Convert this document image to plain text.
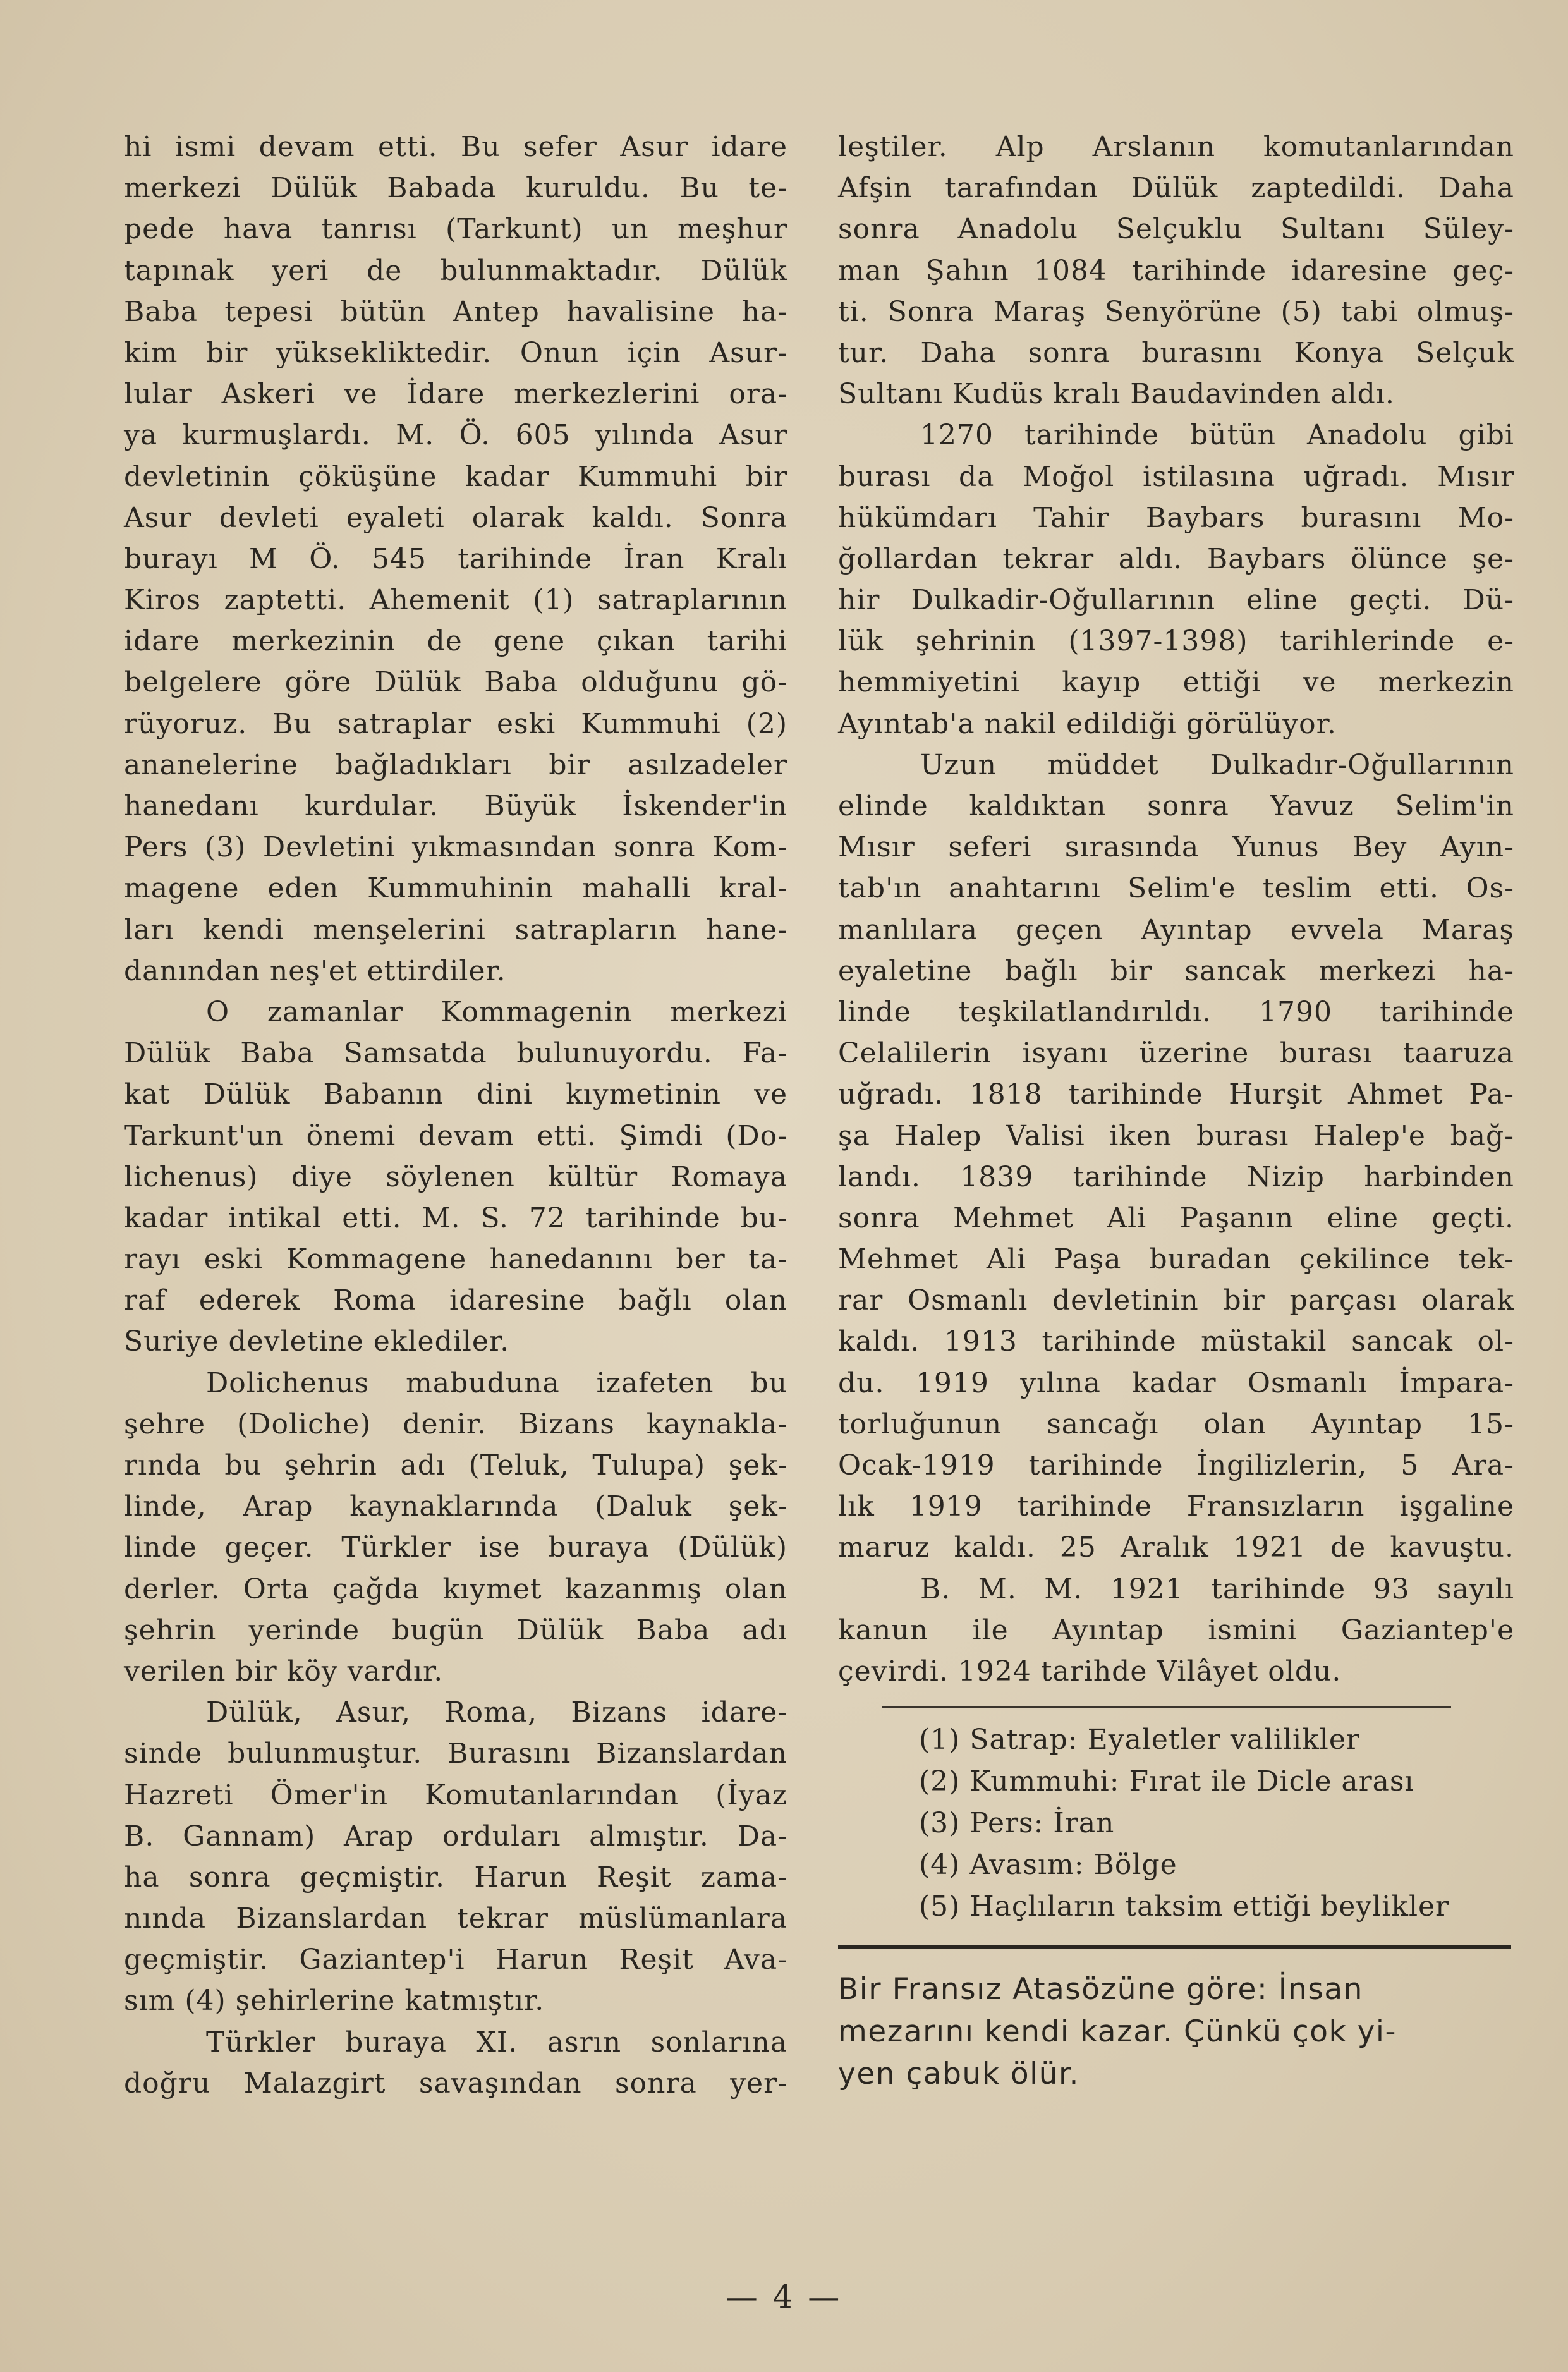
hi ismi devam etti. Bu sefer Asur idare
merkezi Dülük Babada kuruldu. Bu te-
pede hava tanrısı (Tarkunt) un meşhur
tapınak yeri de bulunmaktadır. Dülük
Baba tepesi bütün Antep havalisine ha-
kim bir yüksekliktedir. Onun için Asur-
lular Askeri ve İdare merkezlerini ora-
ya kurmuşlardı. M. Ö. 605 yılında Asur
devletinin çöküşüne kadar Kummuhi bir
Asur devleti eyaleti olarak kaldı. Sonra
burayı M Ö. 545 tarihinde İran Kralı
Kiros zaptetti. Ahemenit (1) satraplarının
idare merkezinin de gene çıkan tarihi
belgelere göre Dülük Baba olduğunu gö-
rüyoruz. Bu satraplar eski Kummuhi (2)
ananelerine bağladıkları bir asılzadeler
hanedanı kurdular. Büyük İskender'in
Pers (3) Devletini yıkmasından sonra Kom-
magene eden Kummuhinin mahalli kral-
ları kendi menşelerini satrapların hane-
danından neş'et ettirdiler.
O zamanlar Kommagenin merkezi
Dülük Baba Samsatda bulunuyordu. Fa-
kat Dülük Babanın dini kıymetinin ve
Tarkunt'un önemi devam etti. Şimdi (Do-
lichenus) diye söylenen kültür Romaya
kadar intikal etti. M. S. 72 tarihinde bu-
rayı eski Kommagene hanedanını ber ta-
raf ederek Roma idaresine bağlı olan
Suriye devletine eklediler.
Dolichenus mabuduna izafeten bu
şehre (Doliche) denir. Bizans kaynakla-
rında bu şehrin adı (Teluk, Tulupa) şek-
linde, Arap kaynaklarında (Daluk şek-
linde geçer. Türkler ise buraya (Dülük)
derler. Orta çağda kıymet kazanmış olan
şehrin yerinde bugün Dülük Baba adı
verilen bir köy vardır.
Dülük, Asur, Roma, Bizans idare-
sinde bulunmuştur. Burasını Bizanslardan
Hazreti Ömer'in Komutanlarından (İyaz
B. Gannam) Arap orduları almıştır. Da-
ha sonra geçmiştir. Harun Reşit zama-
nında Bizanslardan tekrar müslümanlara
geçmiştir. Gaziantep'i Harun Reşit Ava-
sım (4) şehirlerine katmıştır.
Türkler buraya XI. asrın sonlarına
doğru Malazgirt savaşından sonra yer-
leştiler. Alp Arslanın komutanlarından
Afşin tarafından Dülük zaptedildi. Daha
sonra Anadolu Selçuklu Sultanı Süley-
man Şahın 1084 tarihinde idaresine geç-
ti. Sonra Maraş Senyörüne (5) tabi olmuş-
tur. Daha sonra burasını Konya Selçuk
Sultanı Kudüs kralı Baudavinden aldı.
1270 tarihinde bütün Anadolu gibi
burası da Moğol istilasına uğradı. Mısır
hükümdarı Tahir Baybars burasını Mo-
ğollardan tekrar aldı. Baybars ölünce şe-
hir Dulkadir-Oğullarının eline geçti. Dü-
lük şehrinin (1397-1398) tarihlerinde e-
hemmiyetini kayıp ettiği ve merkezin
Ayıntab'a nakil edildiği görülüyor.
Uzun müddet Dulkadır-Oğullarının
elinde kaldıktan sonra Yavuz Selim'in
Mısır seferi sırasında Yunus Bey Ayın-
tab'ın anahtarını Selim'e teslim etti. Os-
manlılara geçen Ayıntap evvela Maraş
eyaletine bağlı bir sancak merkezi ha-
linde teşkilatlandırıldı. 1790 tarihinde
Celalilerin isyanı üzerine burası taaruza
uğradı. 1818 tarihinde Hurşit Ahmet Pa-
şa Halep Valisi iken burası Halep'e bağ-
landı. 1839 tarihinde Nizip harbinden
sonra Mehmet Ali Paşanın eline geçti.
Mehmet Ali Paşa buradan çekilince tek-
rar Osmanlı devletinin bir parçası olarak
kaldı. 1913 tarihinde müstakil sancak ol-
du. 1919 yılına kadar Osmanlı İmpara-
torluğunun sancağı olan Ayıntap 15-
Ocak-1919 tarihinde İngilizlerin, 5 Ara-
lık 1919 tarihinde Fransızların işgaline
maruz kaldı. 25 Aralık 1921 de kavuştu.
B. M. M. 1921 tarihinde 93 sayılı
kanun ile Ayıntap ismini Gaziantep'e
çevirdi. 1924 tarihde Vilâyet oldu.
(1) Satrap: Eyaletler valilikler
(2) Kummuhi: Fırat ile Dicle arası
(3) Pers: İran
(4) Avasım: Bölge
(5) Haçlıların taksim ettiği beylikler
Bir Fransız Atasözüne göre: İnsan
mezarını kendi kazar. Çünkü çok yi-
yen çabuk ölür.
— 4 —
